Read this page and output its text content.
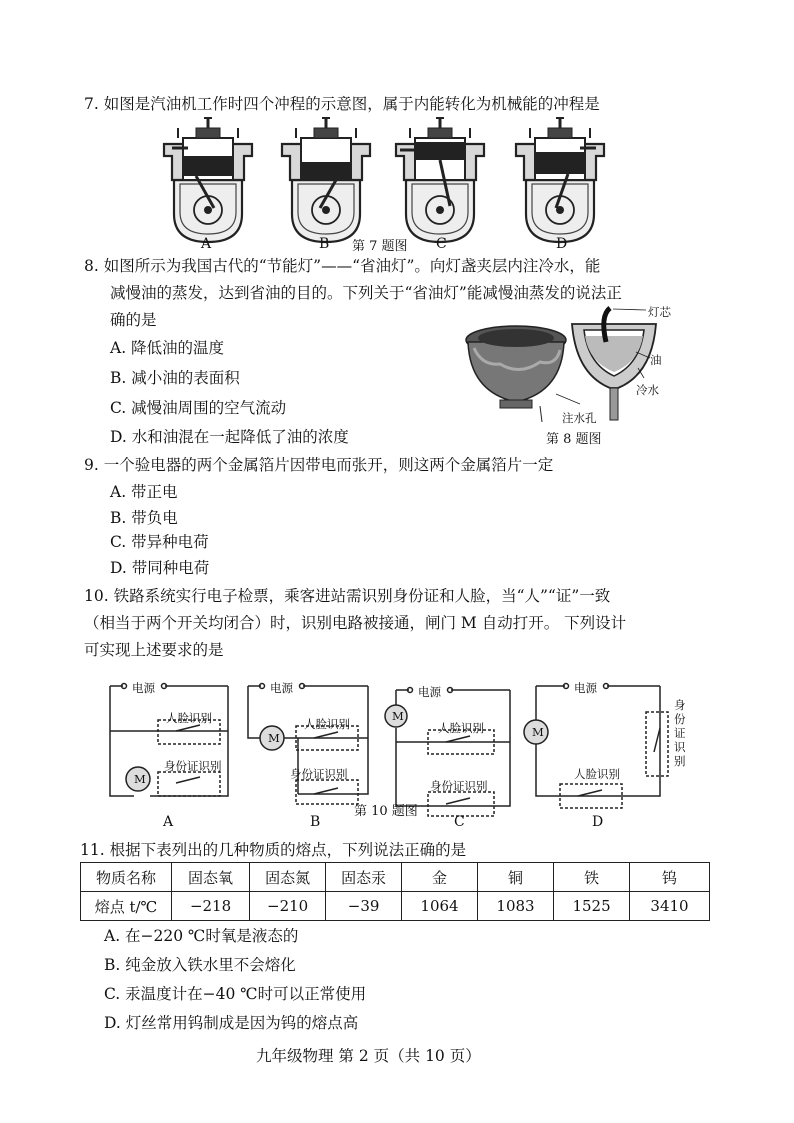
7. 如图是汽油机工作时四个冲程的示意图，属于内能转化为机械能的冲程是
A	B 第 7 题图 C	D
8. 如图所示为我国古代的“节能灯”——“省油灯”。向灯盏夹层内注冷水，能
减慢油的蒸发，达到省油的目的。下列关于“省油灯”能减慢油蒸发的说法正
确的是
A. 降低油的温度
B. 减小油的表面积
C. 减慢油周围的空气流动
D. 水和油混在一起降低了油的浓度
灯芯
油
冷水
注水孔
第 8 题图
9. 一个验电器的两个金属箔片因带电而张开，则这两个金属箔片一定
A. 带正电
B. 带负电
C. 带异种电荷
D. 带同种电荷
10. 铁路系统实行电子检票，乘客进站需识别身份证和人脸，当“人”“证”一致
（相当于两个开关均闭合）时，识别电路被接通，闸门 M 自动打开。 下列设计
可实现上述要求的是
电源
人脸识别
身份证识别
M
电源
人脸识别
身份证识别
M
电源
人脸识别
身份证识别
M
电源
人脸识别
M
身
份
证
识
别
A	B
第 10 题图
C	D
11. 根据下表列出的几种物质的熔点，下列说法正确的是
物质名称	固态氧	固态氮	固态汞	金	铜	铁	钨
熔点 t/℃	−218	−210	−39	1064	1083	1525	3410
A. 在−220 ℃时氧是液态的
B. 纯金放入铁水里不会熔化
C. 汞温度计在−40 ℃时可以正常使用
D. 灯丝常用钨制成是因为钨的熔点高
九年级物理 第 2 页（共 10 页）
